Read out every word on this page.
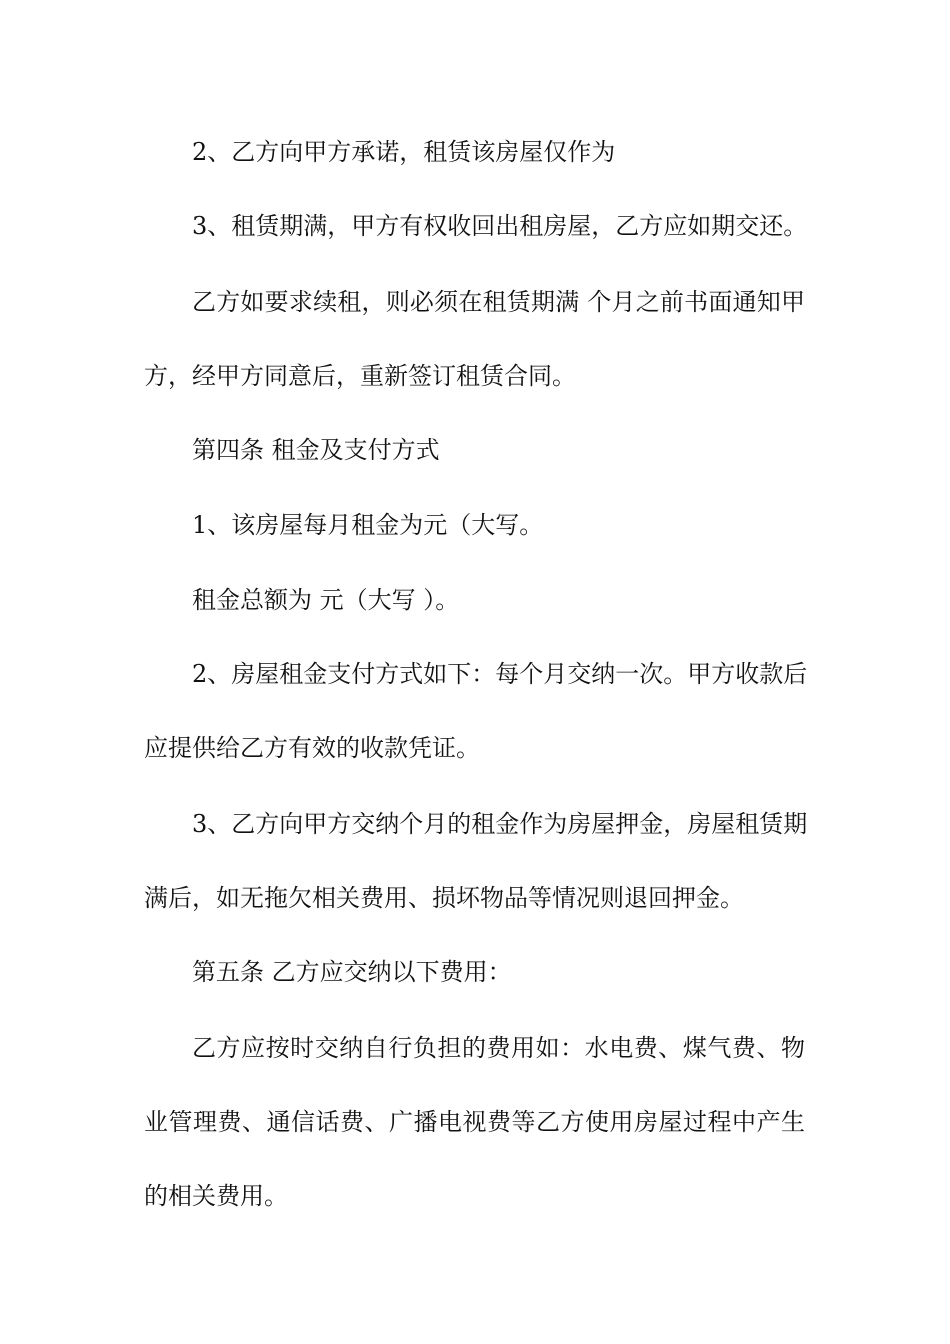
2、乙方向甲方承诺，租赁该房屋仅作为
3、租赁期满，甲方有权收回出租房屋，乙方应如期交还。
乙方如要求续租，则必须在租赁期满 个月之前书面通知甲
方，经甲方同意后，重新签订租赁合同。
第四条 租金及支付方式
1、该房屋每月租金为元（大写。
租金总额为 元（大写 ）。
2、房屋租金支付方式如下：每个月交纳一次。甲方收款后
应提供给乙方有效的收款凭证。
3、乙方向甲方交纳个月的租金作为房屋押金，房屋租赁期
满后，如无拖欠相关费用、损坏物品等情况则退回押金。
第五条 乙方应交纳以下费用：
乙方应按时交纳自行负担的费用如：水电费、煤气费、物
业管理费、通信话费、广播电视费等乙方使用房屋过程中产生
的相关费用。
